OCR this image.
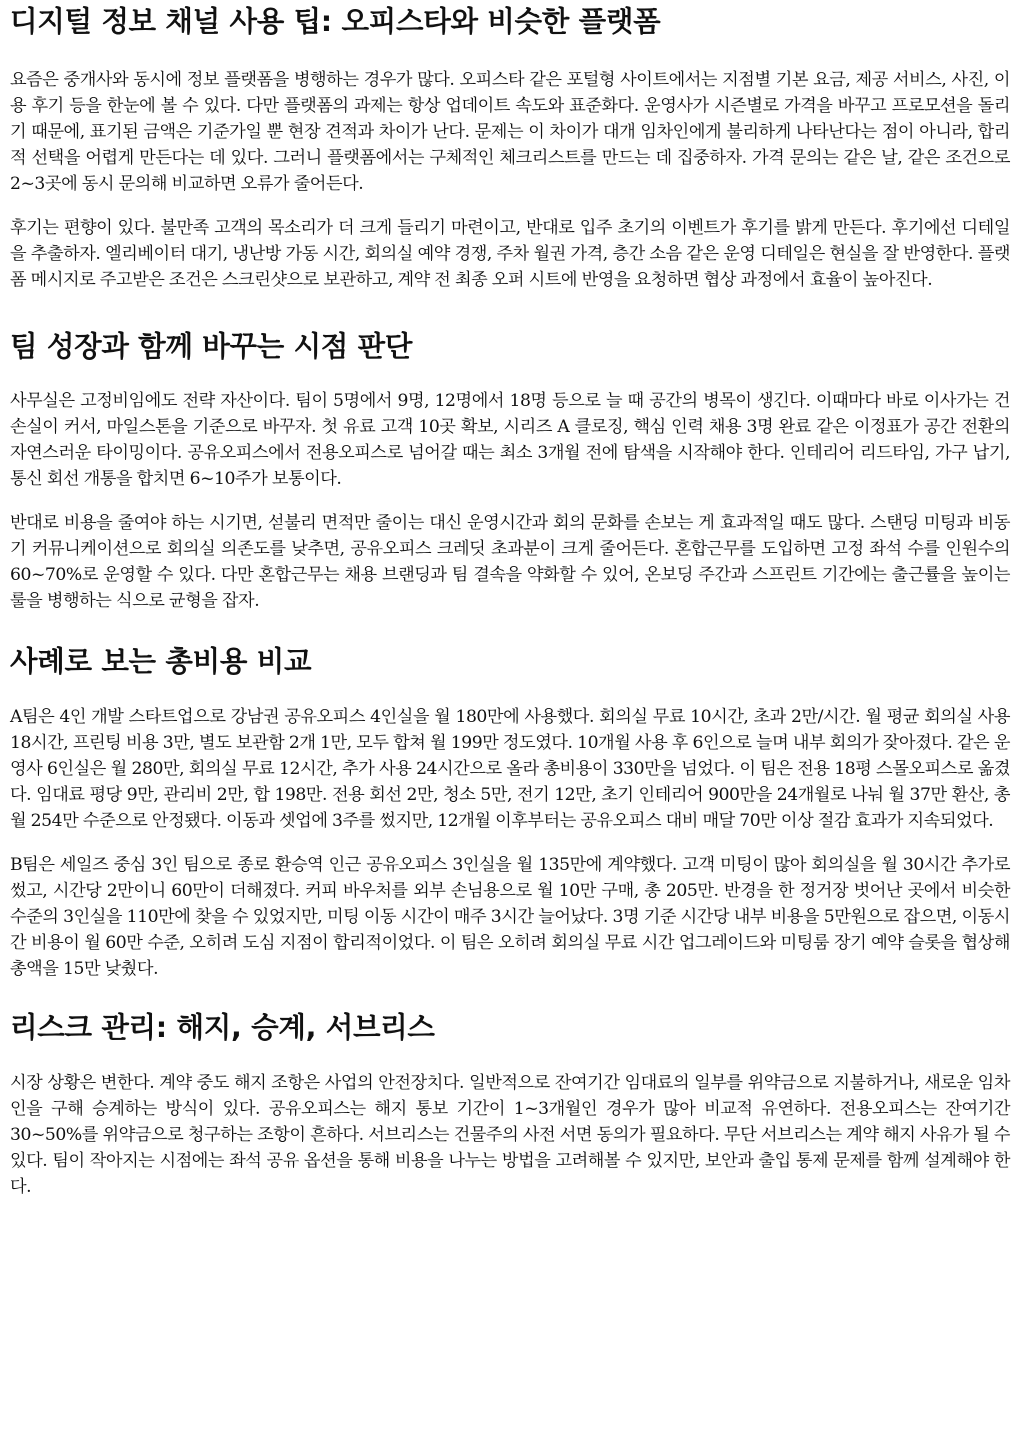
디지털 정보 채널 사용 팁: 오피스타와 비슷한 플랫폼

요즘은 중개사와 동시에 정보 플랫폼을 병행하는 경우가 많다. 오피스타 같은 포털형 사이트에서는 지점별 기본 요금, 제공 서비스, 사진, 이용 후기 등을 한눈에 볼 수 있다. 다만 플랫폼의 과제는 항상 업데이트 속도와 표준화다. 운영사가 시즌별로 가격을 바꾸고 프로모션을 돌리기 때문에, 표기된 금액은 기준가일 뿐 현장 견적과 차이가 난다. 문제는 이 차이가 대개 임차인에게 불리하게 나타난다는 점이 아니라, 합리적 선택을 어렵게 만든다는 데 있다. 그러니 플랫폼에서는 구체적인 체크리스트를 만드는 데 집중하자. 가격 문의는 같은 날, 같은 조건으로 2~3곳에 동시 문의해 비교하면 오류가 줄어든다.

후기는 편향이 있다. 불만족 고객의 목소리가 더 크게 들리기 마련이고, 반대로 입주 초기의 이벤트가 후기를 밝게 만든다. 후기에선 디테일을 추출하자. 엘리베이터 대기, 냉난방 가동 시간, 회의실 예약 경쟁, 주차 월권 가격, 층간 소음 같은 운영 디테일은 현실을 잘 반영한다. 플랫폼 메시지로 주고받은 조건은 스크린샷으로 보관하고, 계약 전 최종 오퍼 시트에 반영을 요청하면 협상 과정에서 효율이 높아진다.

팀 성장과 함께 바꾸는 시점 판단

사무실은 고정비임에도 전략 자산이다. 팀이 5명에서 9명, 12명에서 18명 등으로 늘 때 공간의 병목이 생긴다. 이때마다 바로 이사가는 건 손실이 커서, 마일스톤을 기준으로 바꾸자. 첫 유료 고객 10곳 확보, 시리즈 A 클로징, 핵심 인력 채용 3명 완료 같은 이정표가 공간 전환의 자연스러운 타이밍이다. 공유오피스에서 전용오피스로 넘어갈 때는 최소 3개월 전에 탐색을 시작해야 한다. 인테리어 리드타임, 가구 납기, 통신 회선 개통을 합치면 6~10주가 보통이다.

반대로 비용을 줄여야 하는 시기면, 섣불리 면적만 줄이는 대신 운영시간과 회의 문화를 손보는 게 효과적일 때도 많다. 스탠딩 미팅과 비동기 커뮤니케이션으로 회의실 의존도를 낮추면, 공유오피스 크레딧 초과분이 크게 줄어든다. 혼합근무를 도입하면 고정 좌석 수를 인원수의 60~70%로 운영할 수 있다. 다만 혼합근무는 채용 브랜딩과 팀 결속을 약화할 수 있어, 온보딩 주간과 스프린트 기간에는 출근률을 높이는 룰을 병행하는 식으로 균형을 잡자.

사례로 보는 총비용 비교

A팀은 4인 개발 스타트업으로 강남권 공유오피스 4인실을 월 180만에 사용했다. 회의실 무료 10시간, 초과 2만/시간. 월 평균 회의실 사용 18시간, 프린팅 비용 3만, 별도 보관함 2개 1만, 모두 합쳐 월 199만 정도였다. 10개월 사용 후 6인으로 늘며 내부 회의가 잦아졌다. 같은 운영사 6인실은 월 280만, 회의실 무료 12시간, 추가 사용 24시간으로 올라 총비용이 330만을 넘었다. 이 팀은 전용 18평 스몰오피스로 옮겼다. 임대료 평당 9만, 관리비 2만, 합 198만. 전용 회선 2만, 청소 5만, 전기 12만, 초기 인테리어 900만을 24개월로 나눠 월 37만 환산, 총 월 254만 수준으로 안정됐다. 이동과 셋업에 3주를 썼지만, 12개월 이후부터는 공유오피스 대비 매달 70만 이상 절감 효과가 지속되었다.

B팀은 세일즈 중심 3인 팀으로 종로 환승역 인근 공유오피스 3인실을 월 135만에 계약했다. 고객 미팅이 많아 회의실을 월 30시간 추가로 썼고, 시간당 2만이니 60만이 더해졌다. 커피 바우처를 외부 손님용으로 월 10만 구매, 총 205만. 반경을 한 정거장 벗어난 곳에서 비슷한 수준의 3인실을 110만에 찾을 수 있었지만, 미팅 이동 시간이 매주 3시간 늘어났다. 3명 기준 시간당 내부 비용을 5만원으로 잡으면, 이동시간 비용이 월 60만 수준, 오히려 도심 지점이 합리적이었다. 이 팀은 오히려 회의실 무료 시간 업그레이드와 미팅룸 장기 예약 슬롯을 협상해 총액을 15만 낮췄다.

리스크 관리: 해지, 승계, 서브리스

시장 상황은 변한다. 계약 중도 해지 조항은 사업의 안전장치다. 일반적으로 잔여기간 임대료의 일부를 위약금으로 지불하거나, 새로운 임차인을 구해 승계하는 방식이 있다. 공유오피스는 해지 통보 기간이 1~3개월인 경우가 많아 비교적 유연하다. 전용오피스는 잔여기간 30~50%를 위약금으로 청구하는 조항이 흔하다. 서브리스는 건물주의 사전 서면 동의가 필요하다. 무단 서브리스는 계약 해지 사유가 될 수 있다. 팀이 작아지는 시점에는 좌석 공유 옵션을 통해 비용을 나누는 방법을 고려해볼 수 있지만, 보안과 출입 통제 문제를 함께 설계해야 한다.
